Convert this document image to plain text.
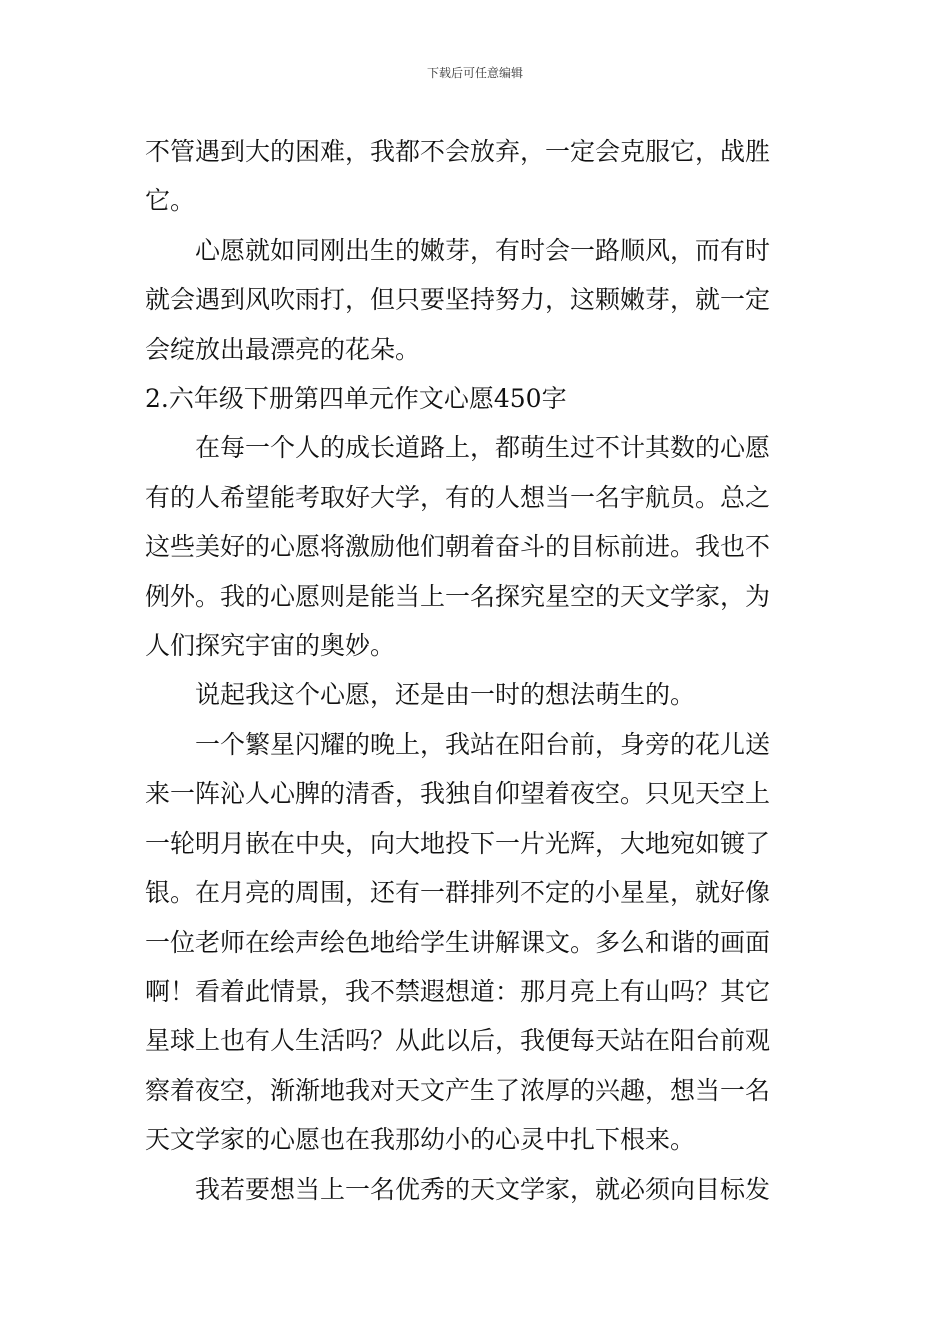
下载后可任意编辑

不管遇到大的困难，我都不会放弃，一定会克服它，战胜
它。

心愿就如同刚出生的嫩芽，有时会一路顺风，而有时
就会遇到风吹雨打，但只要坚持努力，这颗嫩芽，就一定
会绽放出最漂亮的花朵。

2.六年级下册第四单元作文心愿450字

在每一个人的成长道路上，都萌生过不计其数的心愿
有的人希望能考取好大学，有的人想当一名宇航员。总之
这些美好的心愿将激励他们朝着奋斗的目标前进。我也不
例外。我的心愿则是能当上一名探究星空的天文学家，为
人们探究宇宙的奥妙。

说起我这个心愿，还是由一时的想法萌生的。

一个繁星闪耀的晚上，我站在阳台前，身旁的花儿送
来一阵沁人心脾的清香，我独自仰望着夜空。只见天空上
一轮明月嵌在中央，向大地投下一片光辉，大地宛如镀了
银。在月亮的周围，还有一群排列不定的小星星，就好像
一位老师在绘声绘色地给学生讲解课文。多么和谐的画面
啊！看着此情景，我不禁遐想道：那月亮上有山吗？其它
星球上也有人生活吗？从此以后，我便每天站在阳台前观
察着夜空，渐渐地我对天文产生了浓厚的兴趣，想当一名
天文学家的心愿也在我那幼小的心灵中扎下根来。

我若要想当上一名优秀的天文学家，就必须向目标发
